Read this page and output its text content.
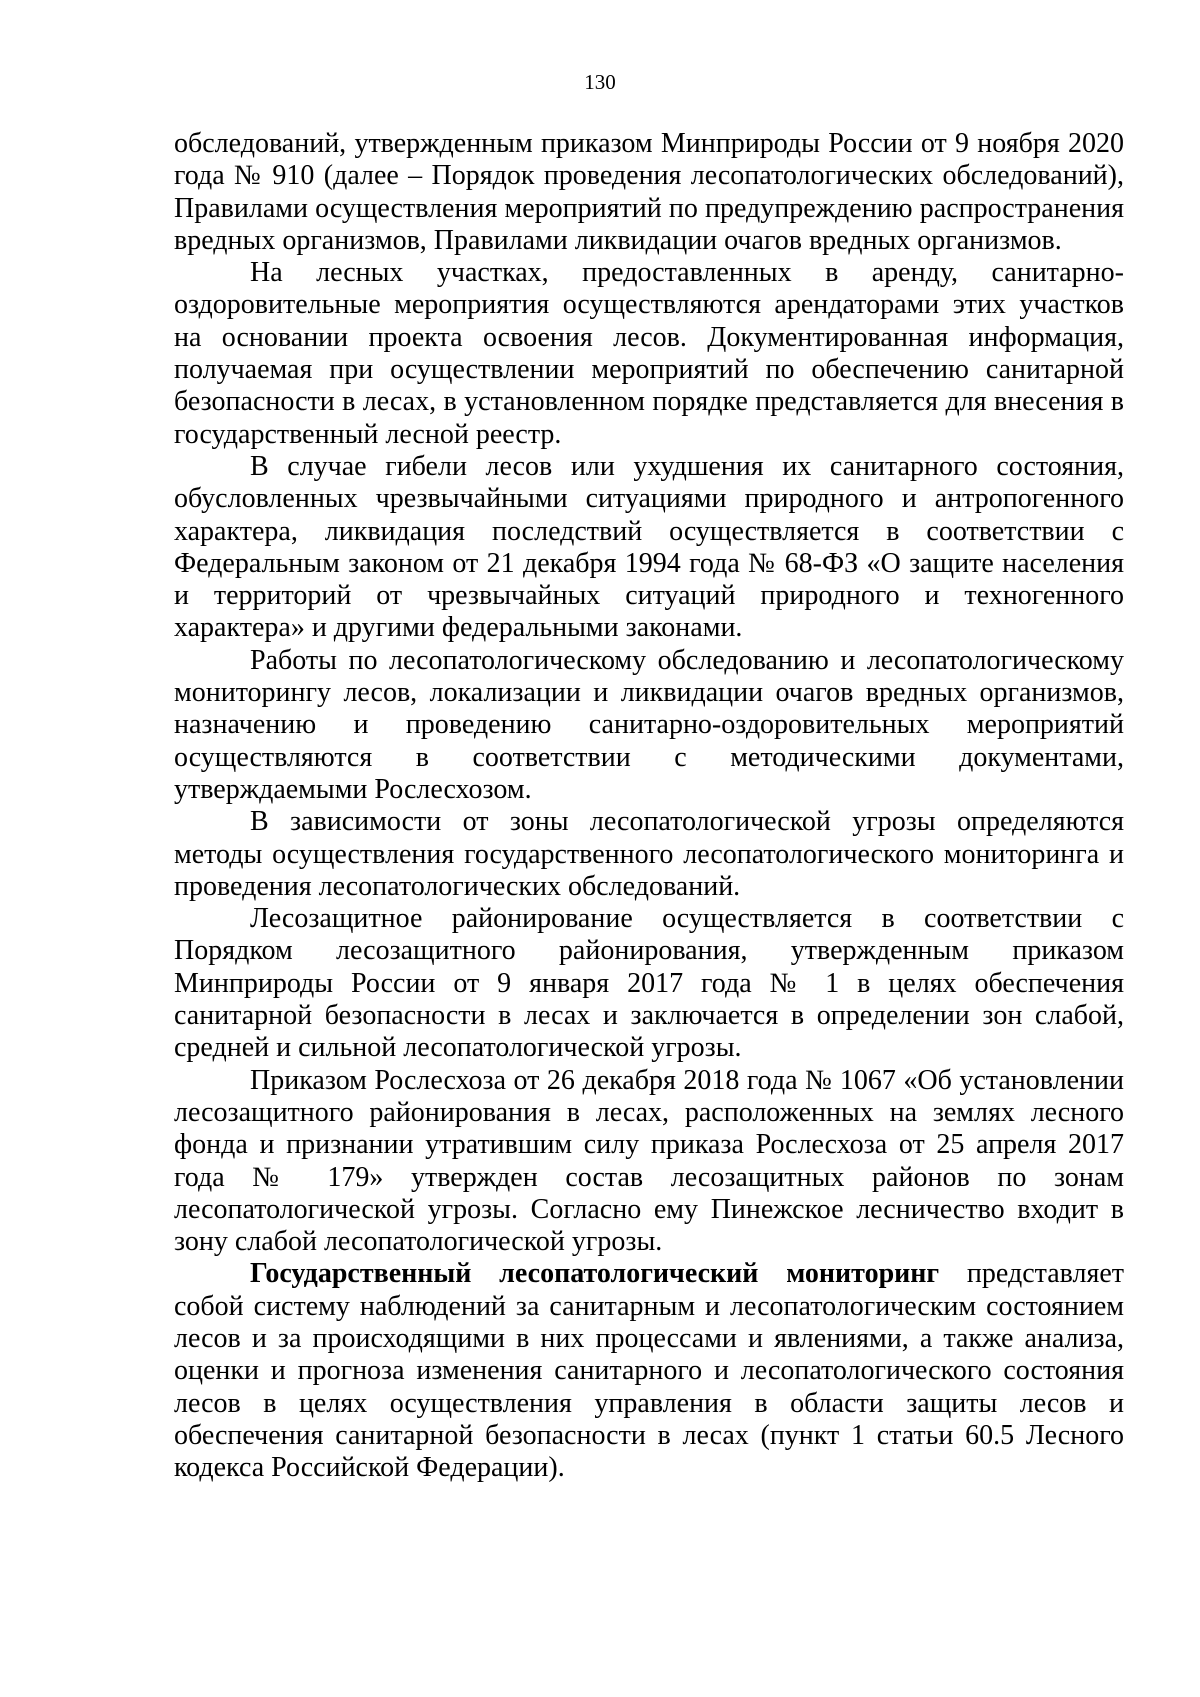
130

обследований, утвержденным приказом Минприроды России от 9 ноября 2020 года № 910 (далее – Порядок проведения лесопатологических обследований), Правилами осуществления мероприятий по предупреждению распространения вредных организмов, Правилами ликвидации очагов вредных организмов.

На лесных участках, предоставленных в аренду, санитарно-оздоровительные мероприятия осуществляются арендаторами этих участков на основании проекта освоения лесов. Документированная информация, получаемая при осуществлении мероприятий по обеспечению санитарной безопасности в лесах, в установленном порядке представляется для внесения в государственный лесной реестр.

В случае гибели лесов или ухудшения их санитарного состояния, обусловленных чрезвычайными ситуациями природного и антропогенного характера, ликвидация последствий осуществляется в соответствии с Федеральным законом от 21 декабря 1994 года № 68-ФЗ «О защите населения и территорий от чрезвычайных ситуаций природного и техногенного характера» и другими федеральными законами.

Работы по лесопатологическому обследованию и лесопатологическому мониторингу лесов, локализации и ликвидации очагов вредных организмов, назначению и проведению санитарно-оздоровительных мероприятий осуществляются в соответствии с методическими документами, утверждаемыми Рослесхозом.

В зависимости от зоны лесопатологической угрозы определяются методы осуществления государственного лесопатологического мониторинга и проведения лесопатологических обследований.

Лесозащитное районирование осуществляется в соответствии с Порядком лесозащитного районирования, утвержденным приказом Минприроды России от 9 января 2017 года № 1 в целях обеспечения санитарной безопасности в лесах и заключается в определении зон слабой, средней и сильной лесопатологической угрозы.

Приказом Рослесхоза от 26 декабря 2018 года № 1067 «Об установлении лесозащитного районирования в лесах, расположенных на землях лесного фонда и признании утратившим силу приказа Рослесхоза от 25 апреля 2017 года № 179» утвержден состав лесозащитных районов по зонам лесопатологической угрозы. Согласно ему Пинежское лесничество входит в зону слабой лесопатологической угрозы.

Государственный лесопатологический мониторинг представляет собой систему наблюдений за санитарным и лесопатологическим состоянием лесов и за происходящими в них процессами и явлениями, а также анализа, оценки и прогноза изменения санитарного и лесопатологического состояния лесов в целях осуществления управления в области защиты лесов и обеспечения санитарной безопасности в лесах (пункт 1 статьи 60.5 Лесного кодекса Российской Федерации).
